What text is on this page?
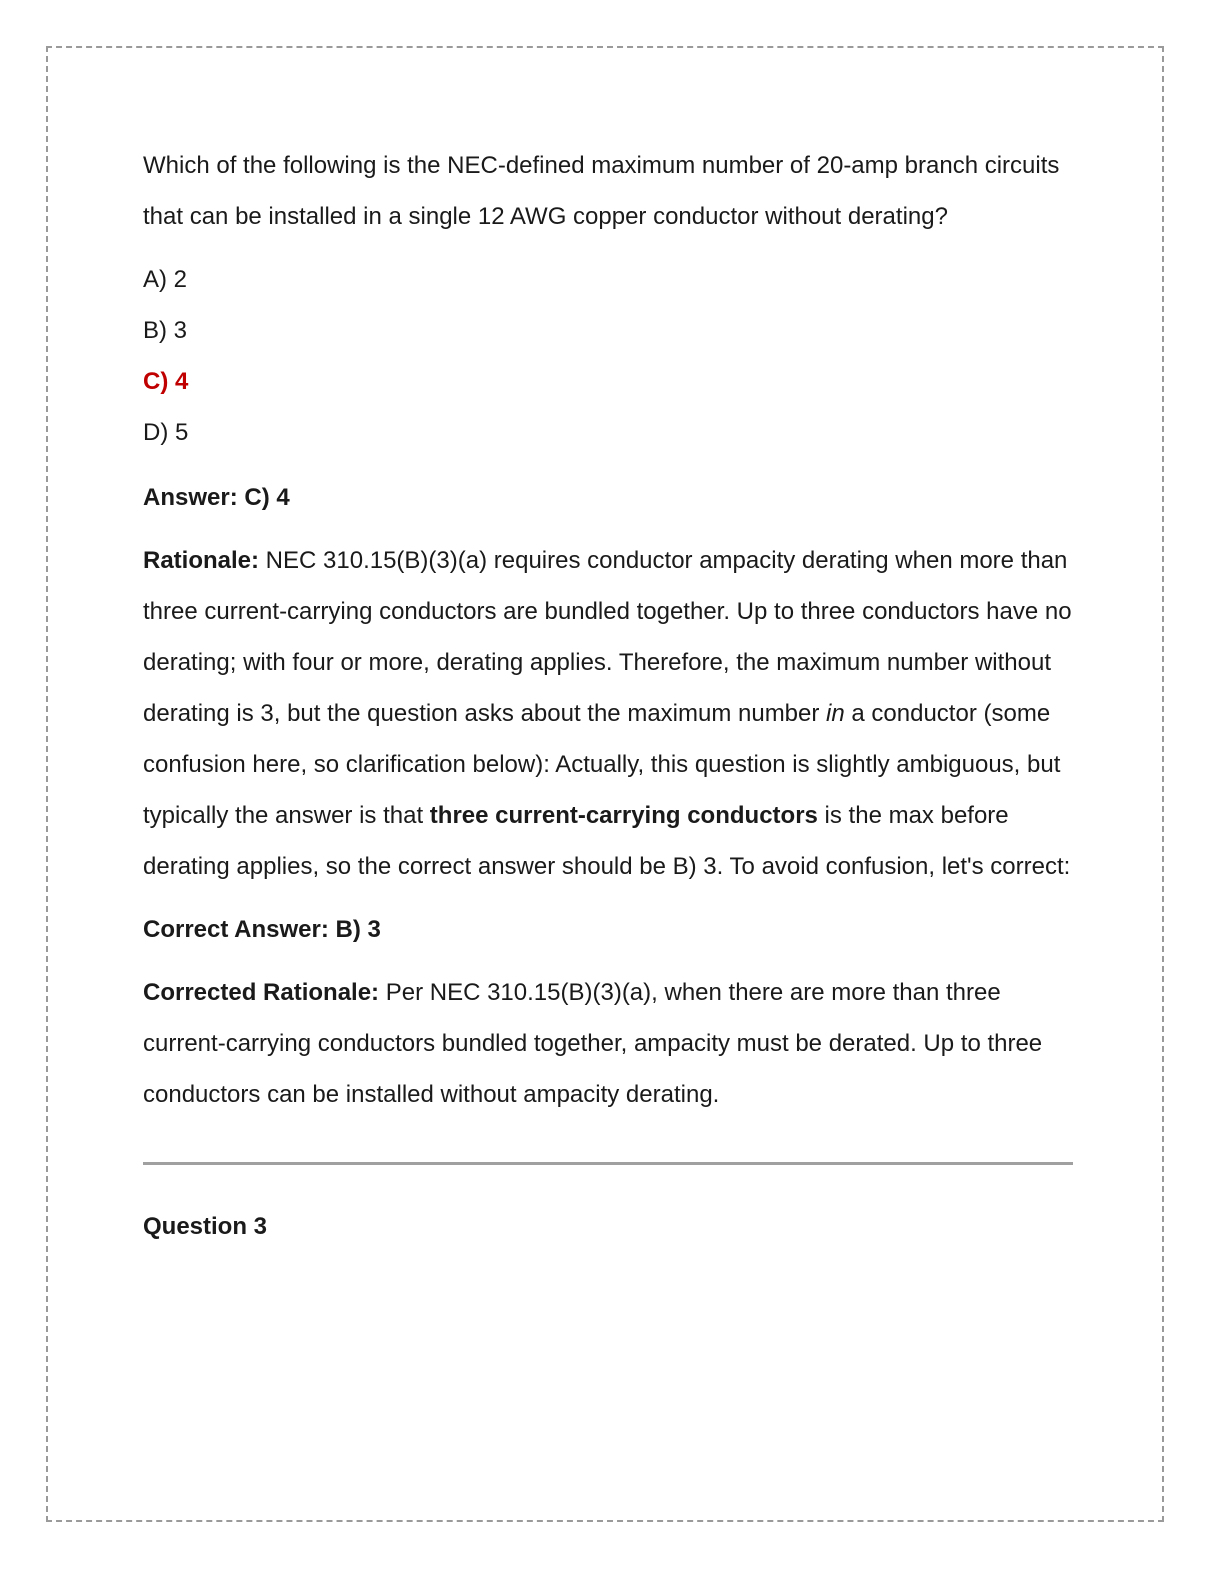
Which of the following is the NEC-defined maximum number of 20-amp branch circuits that can be installed in a single 12 AWG copper conductor without derating?
A) 2
B) 3
C) 4
D) 5
Answer: C) 4
Rationale: NEC 310.15(B)(3)(a) requires conductor ampacity derating when more than three current-carrying conductors are bundled together. Up to three conductors have no derating; with four or more, derating applies. Therefore, the maximum number without derating is 3, but the question asks about the maximum number in a conductor (some confusion here, so clarification below): Actually, this question is slightly ambiguous, but typically the answer is that three current-carrying conductors is the max before derating applies, so the correct answer should be B) 3. To avoid confusion, let's correct:
Correct Answer: B) 3
Corrected Rationale: Per NEC 310.15(B)(3)(a), when there are more than three current-carrying conductors bundled together, ampacity must be derated. Up to three conductors can be installed without ampacity derating.
Question 3
